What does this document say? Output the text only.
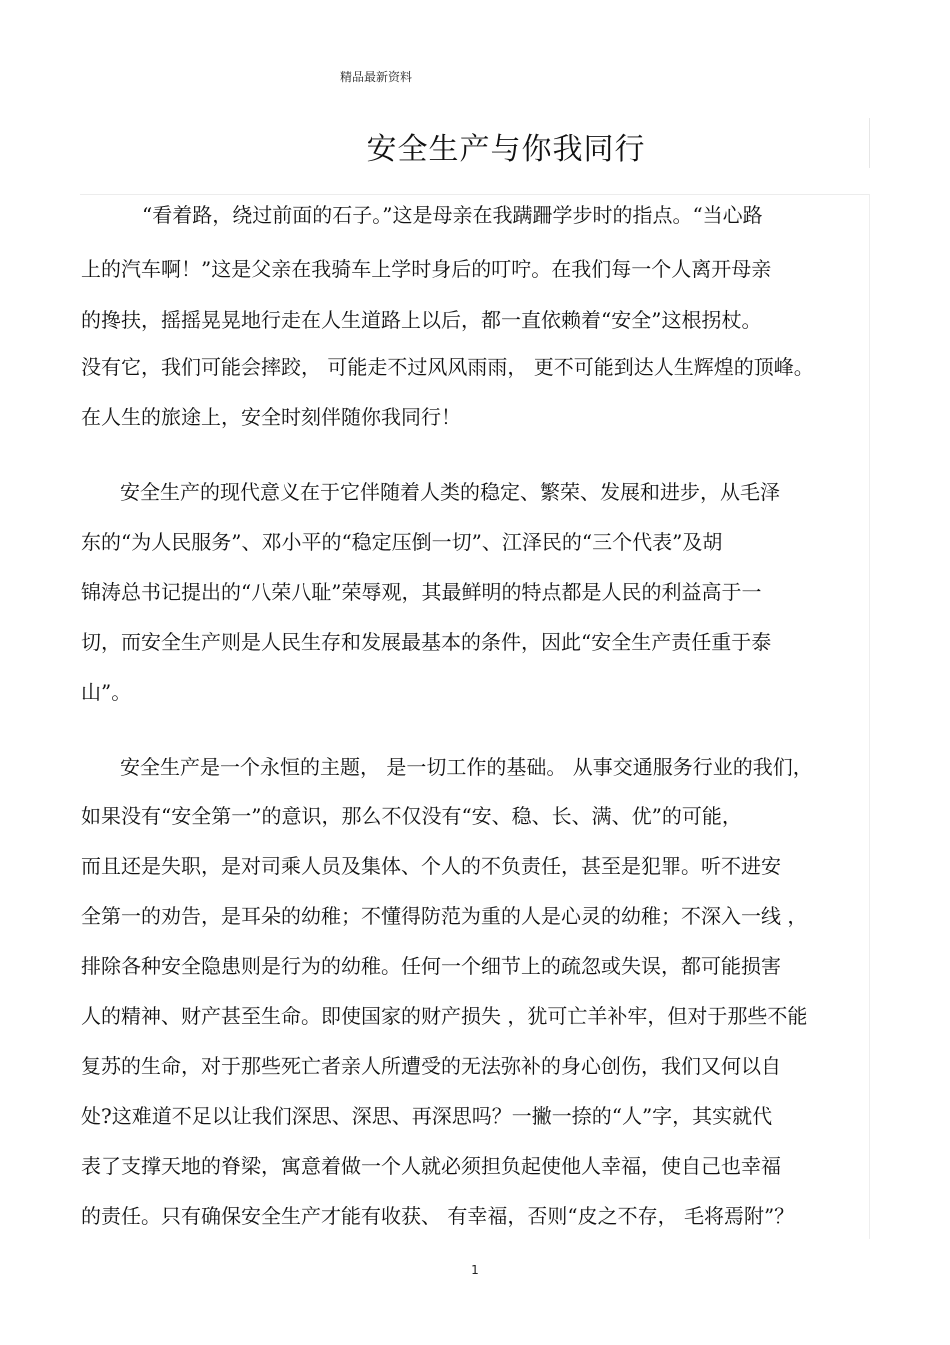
精品最新资料
安全生产与你我同行
“看着路，绕过前面的石子。”这是母亲在我蹒跚学步时的指点。“当心路
上的汽车啊！”这是父亲在我骑车上学时身后的叮咛。在我们每一个人离开母亲
的搀扶，摇摇晃晃地行走在人生道路上以后，都一直依赖着“安全”这根拐杖。
没有它，我们可能会摔跤， 可能走不过风风雨雨， 更不可能到达人生辉煌的顶峰。
在人生的旅途上，安全时刻伴随你我同行！
安全生产的现代意义在于它伴随着人类的稳定、繁荣、发展和进步，从毛泽
东的“为人民服务”、邓小平的“稳定压倒一切”、江泽民的“三个代表”及胡
锦涛总书记提出的“八荣八耻”荣辱观，其最鲜明的特点都是人民的利益高于一
切，而安全生产则是人民生存和发展最基本的条件，因此“安全生产责任重于泰
山”。
安全生产是一个永恒的主题， 是一切工作的基础。 从事交通服务行业的我们，
如果没有“安全第一”的意识，那么不仅没有“安、稳、长、满、优”的可能，
而且还是失职，是对司乘人员及集体、个人的不负责任，甚至是犯罪。听不进安
全第一的劝告，是耳朵的幼稚；不懂得防范为重的人是心灵的幼稚；不深入一线 ，
排除各种安全隐患则是行为的幼稚。任何一个细节上的疏忽或失误，都可能损害
人的精神、财产甚至生命。即使国家的财产损失 ，犹可亡羊补牢，但对于那些不能
复苏的生命，对于那些死亡者亲人所遭受的无法弥补的身心创伤，我们又何以自
处?这难道不足以让我们深思、深思、再深思吗？一撇一捺的“人”字，其实就代
表了支撑天地的脊梁，寓意着做一个人就必须担负起使他人幸福，使自己也幸福
的责任。只有确保安全生产才能有收获、 有幸福，否则“皮之不存， 毛将焉附”？
1
